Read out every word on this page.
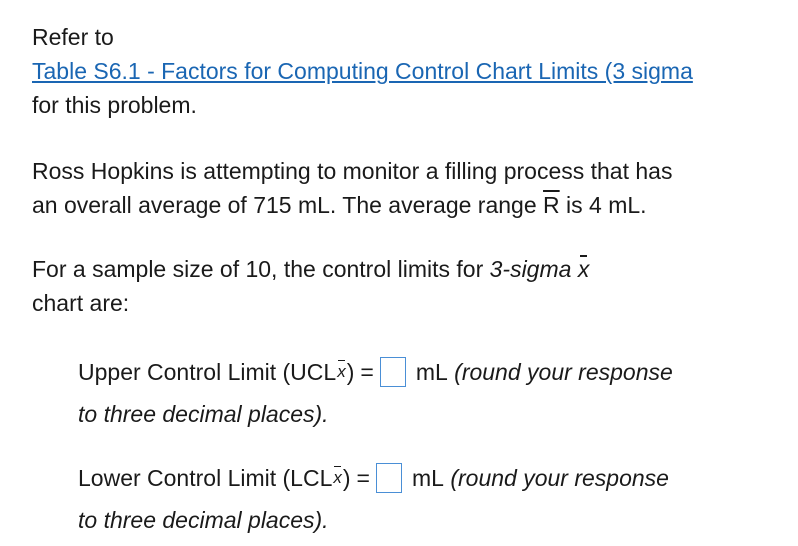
Refer to
Table S6.1 - Factors for Computing Control Chart Limits (3 sigma
for this problem.
Ross Hopkins is attempting to monitor a filling process that has
an overall average of 715 mL. The average range $\overline{R}$ is 4 mL.
For a sample size of 10, the control limits for 3-sigma x
chart are:
Upper Control Limit (UCL x ) = mL
(round your response
to three decimal places).
Lower Control Limit (LCL x ) = mL
(round your response
to three decimal places).
